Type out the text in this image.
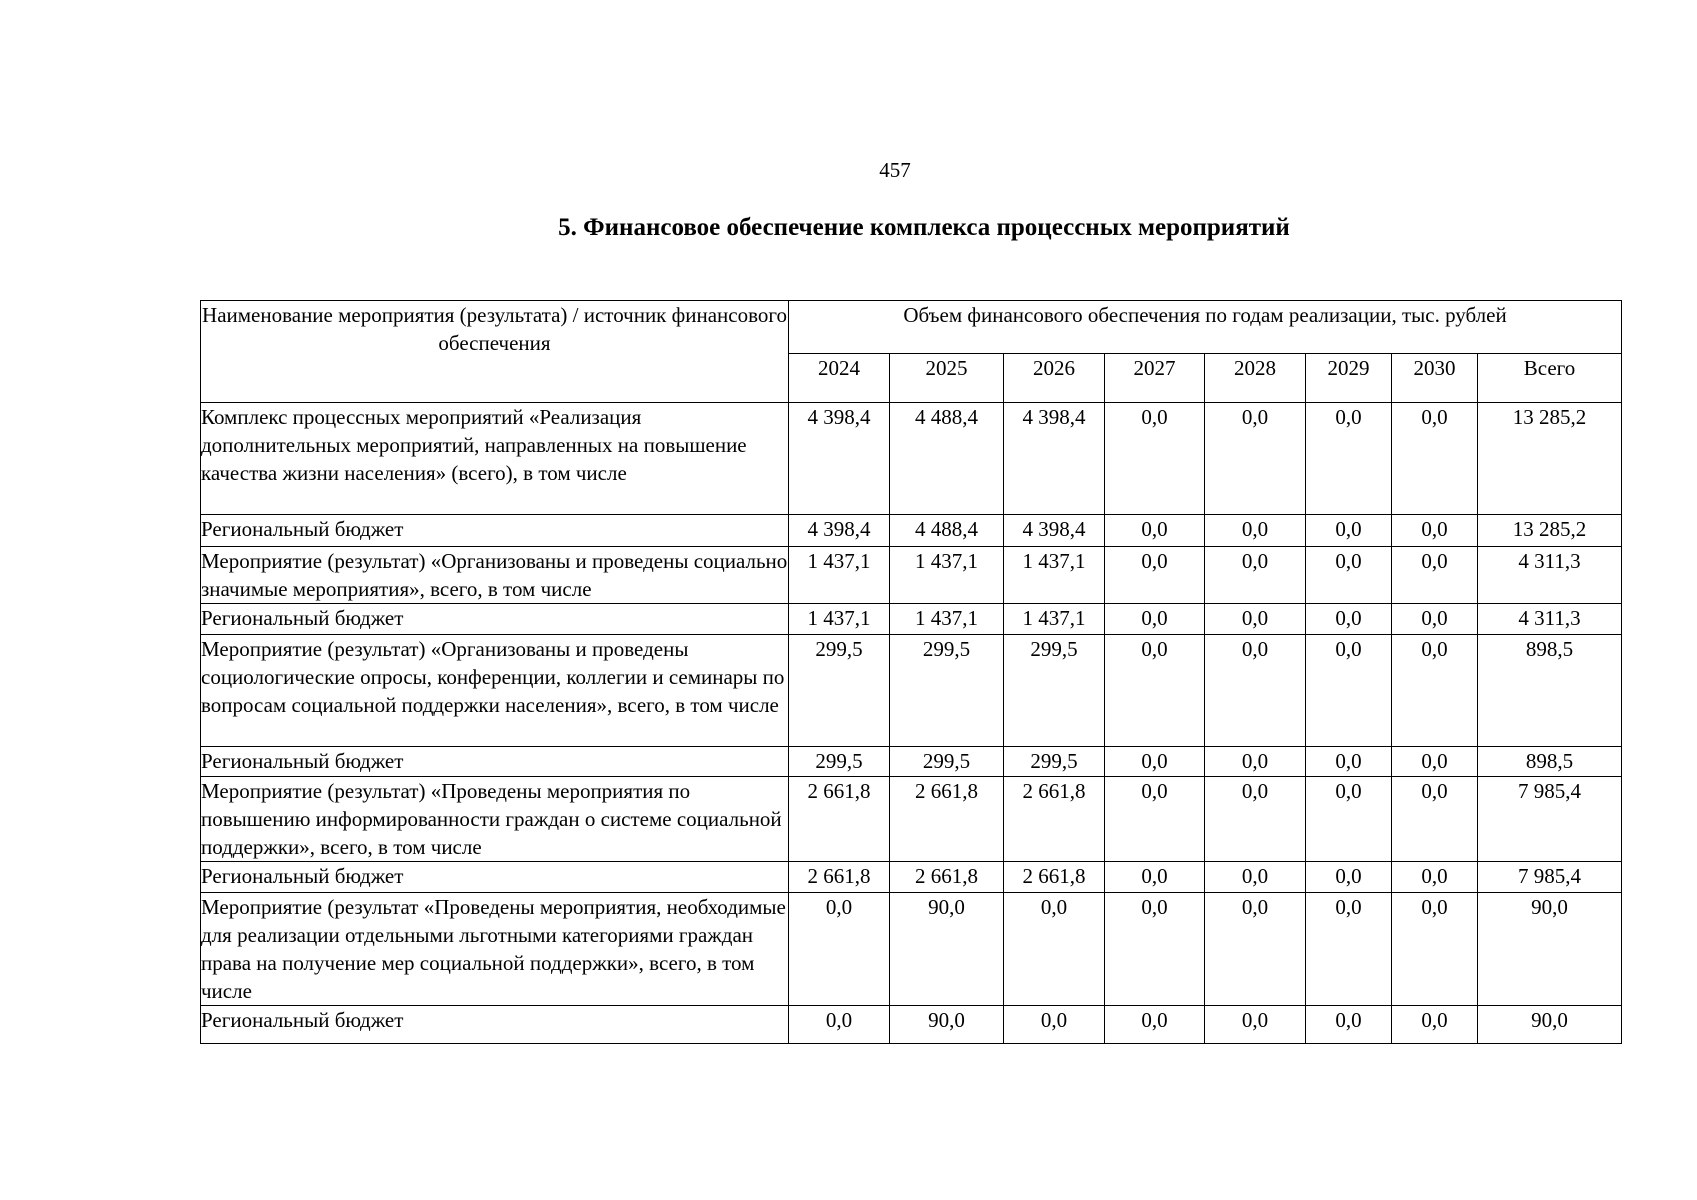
457
5. Финансовое обеспечение комплекса процессных мероприятий
Наименование мероприятия (результата) / источник финансового обеспечения	Объем финансового обеспечения по годам реализации, тыс. рублей							
	2024	2025	2026	2027	2028	2029	2030	Всего
Комплекс процессных мероприятий «Реализация дополнительных мероприятий, направленных на повышение качества жизни населения» (всего), в том числе	4 398,4	4 488,4	4 398,4	0,0	0,0	0,0	0,0	13 285,2
Региональный бюджет	4 398,4	4 488,4	4 398,4	0,0	0,0	0,0	0,0	13 285,2
Мероприятие (результат) «Организованы и проведены социально значимые мероприятия», всего, в том числе	1 437,1	1 437,1	1 437,1	0,0	0,0	0,0	0,0	4 311,3
Региональный бюджет	1 437,1	1 437,1	1 437,1	0,0	0,0	0,0	0,0	4 311,3
Мероприятие (результат) «Организованы и проведены социологические опросы, конференции, коллегии и семинары по вопросам социальной поддержки населения», всего, в том числе	299,5	299,5	299,5	0,0	0,0	0,0	0,0	898,5
Региональный бюджет	299,5	299,5	299,5	0,0	0,0	0,0	0,0	898,5
Мероприятие (результат) «Проведены мероприятия по повышению информированности граждан о системе социальной поддержки», всего, в том числе	2 661,8	2 661,8	2 661,8	0,0	0,0	0,0	0,0	7 985,4
Региональный бюджет	2 661,8	2 661,8	2 661,8	0,0	0,0	0,0	0,0	7 985,4
Мероприятие (результат «Проведены мероприятия, необходимые для реализации отдельными льготными категориями граждан права на получение мер социальной поддержки», всего, в том числе	0,0	90,0	0,0	0,0	0,0	0,0	0,0	90,0
Региональный бюджет	0,0	90,0	0,0	0,0	0,0	0,0	0,0	90,0
